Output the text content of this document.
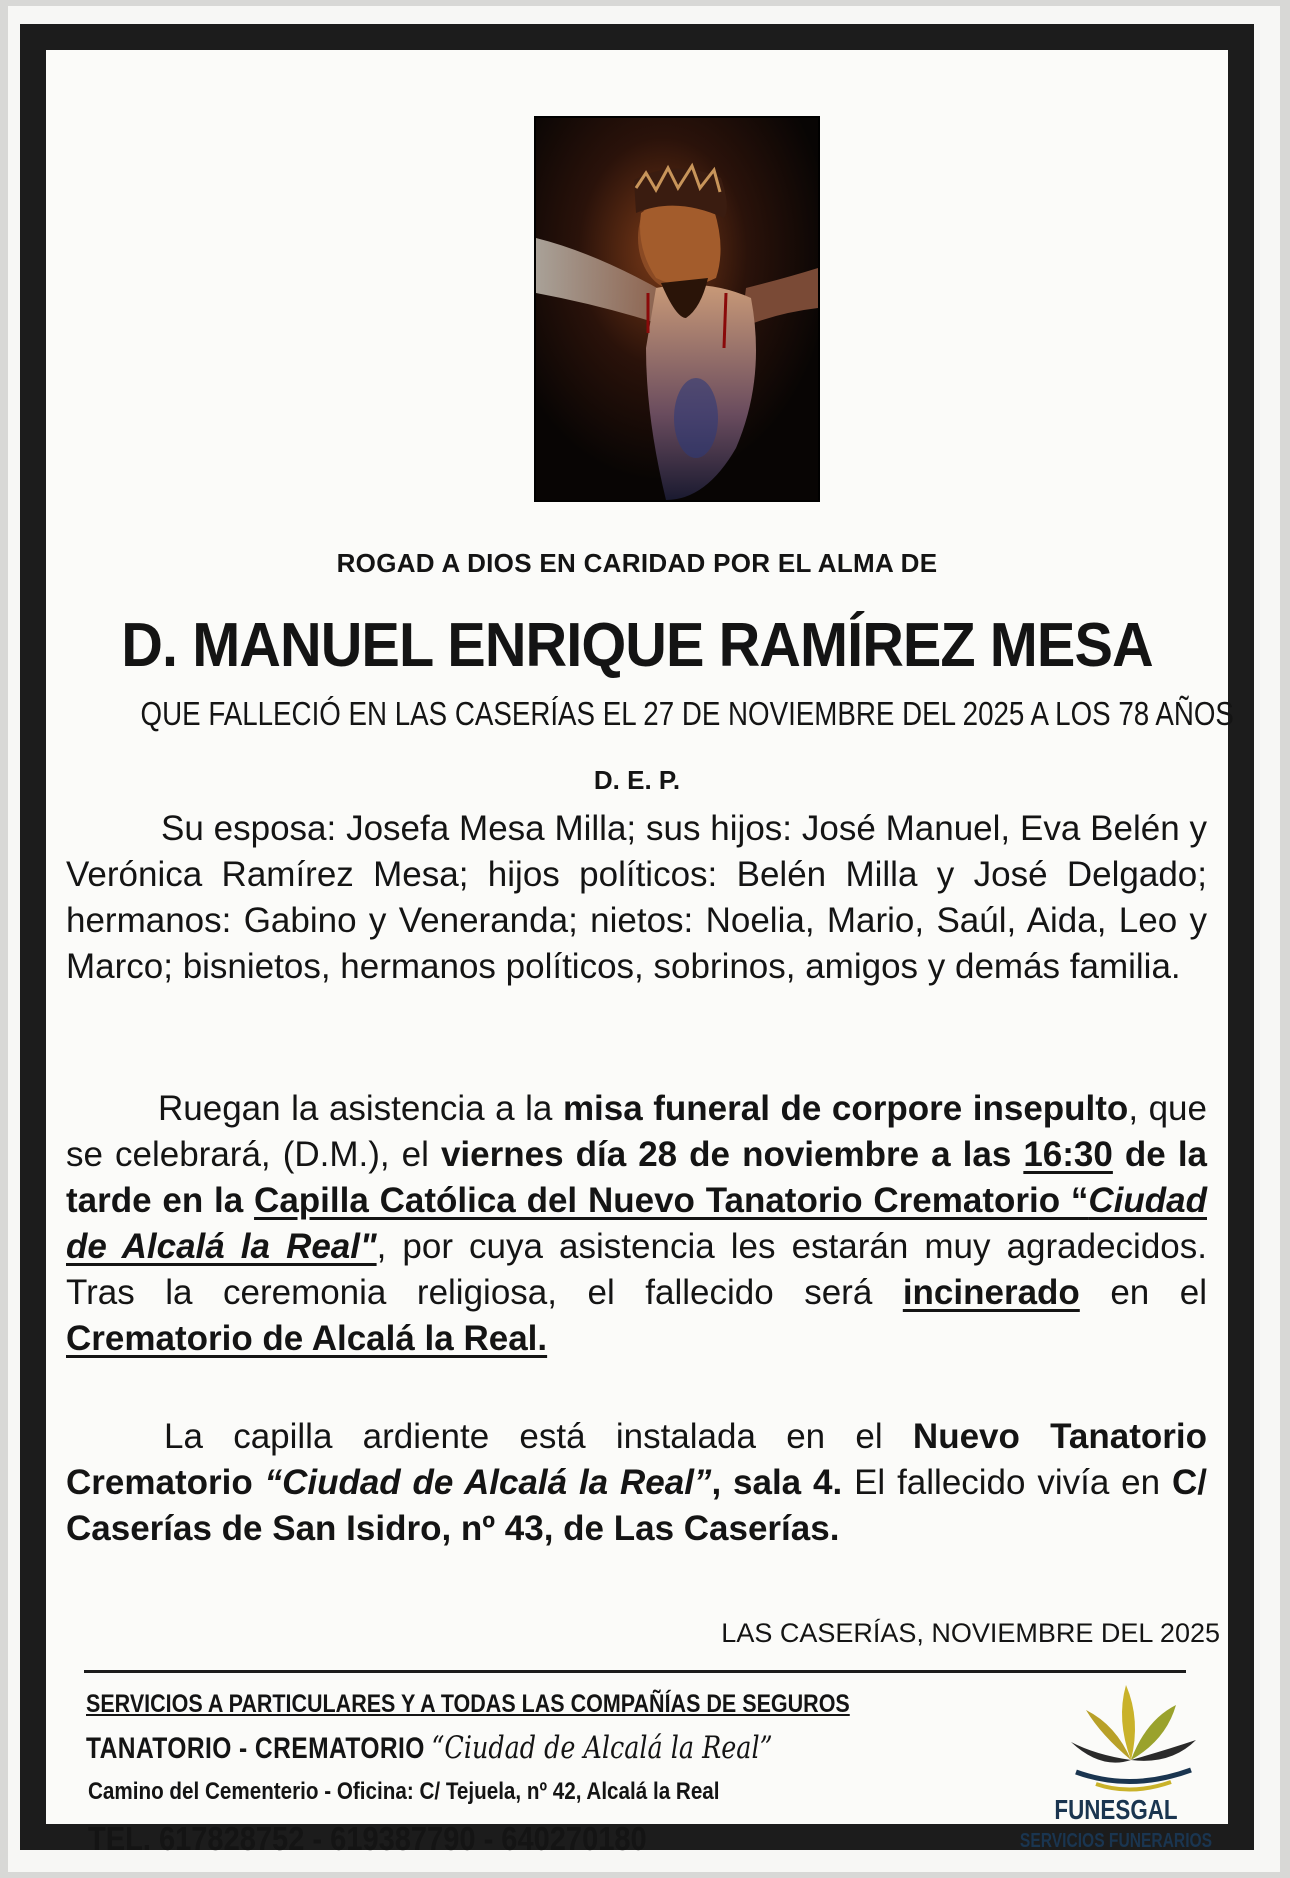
ROGAD A DIOS EN CARIDAD POR EL ALMA DE
D. MANUEL ENRIQUE RAMÍREZ MESA
QUE FALLECIÓ EN LAS CASERÍAS EL 27 DE NOVIEMBRE DEL 2025 A LOS 78 AÑOS
D. E. P.

Su esposa: Josefa Mesa Milla; sus hijos: José Manuel, Eva Belén y Verónica Ramírez Mesa; hijos políticos: Belén Milla y José Delgado; hermanos: Gabino y Veneranda; nietos: Noelia, Mario, Saúl, Aida, Leo y Marco; bisnietos, hermanos políticos, sobrinos, amigos y demás familia.

Ruegan la asistencia a la misa funeral de corpore insepulto, que se celebrará, (D.M.), el viernes día 28 de noviembre a las 16:30 de la tarde en la Capilla Católica del Nuevo Tanatorio Crematorio “Ciudad de Alcalá la Real", por cuya asistencia les estarán muy agradecidos. Tras la ceremonia religiosa, el fallecido será incinerado en el Crematorio de Alcalá la Real.

La capilla ardiente está instalada en el Nuevo Tanatorio Crematorio “Ciudad de Alcalá la Real”, sala 4. El fallecido vivía en C/ Caserías de San Isidro, nº 43, de Las Caserías.

LAS CASERÍAS, NOVIEMBRE DEL 2025
SERVICIOS A PARTICULARES Y A TODAS LAS COMPAÑÍAS DE SEGUROS
TANATORIO - CREMATORIO “Ciudad de Alcalá la Real”
Camino del Cementerio - Oficina: C/ Tejuela, nº 42, Alcalá la Real
TEL. 617828752 - 619387790 - 640270180
FUNESGAL
SERVICIOS FUNERARIOS
